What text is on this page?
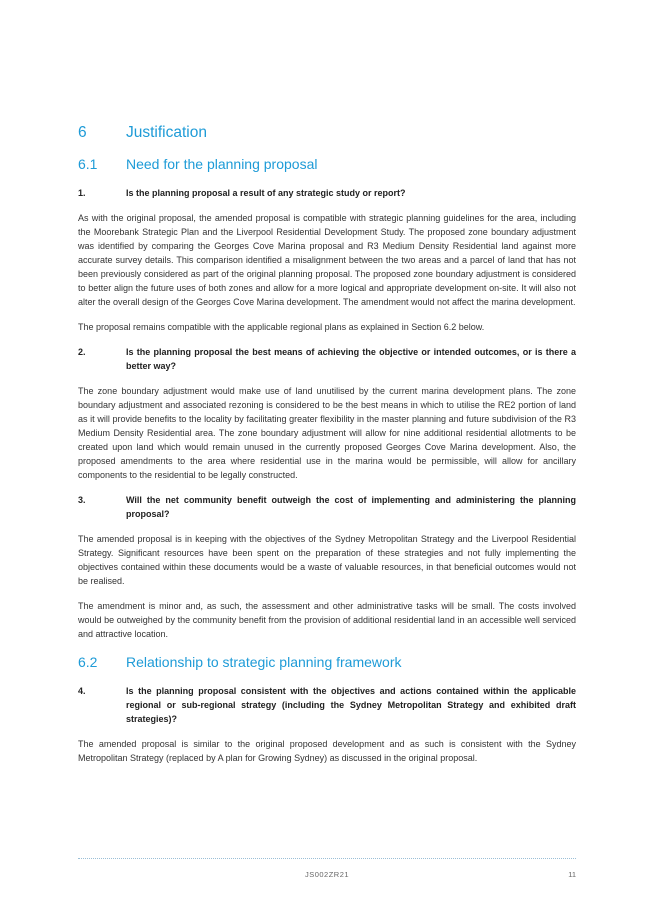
6	Justification
6.1	Need for the planning proposal
1.	Is the planning proposal a result of any strategic study or report?

As with the original proposal, the amended proposal is compatible with strategic planning guidelines for the area, including the Moorebank Strategic Plan and the Liverpool Residential Development Study. The proposed zone boundary adjustment was identified by comparing the Georges Cove Marina proposal and R3 Medium Density Residential land against more accurate survey details. This comparison identified a misalignment between the two areas and a parcel of land that has not been previously considered as part of the original planning proposal. The proposed zone boundary adjustment is considered to better align the future uses of both zones and allow for a more logical and appropriate development on-site. It will also not alter the overall design of the Georges Cove Marina development. The amendment would not affect the marina development.

The proposal remains compatible with the applicable regional plans as explained in Section 6.2 below.

2.	Is the planning proposal the best means of achieving the objective or intended outcomes, or is there a better way?

The zone boundary adjustment would make use of land unutilised by the current marina development plans. The zone boundary adjustment and associated rezoning is considered to be the best means in which to utilise the RE2 portion of land as it will provide benefits to the locality by facilitating greater flexibility in the master planning and future subdivision of the R3 Medium Density Residential area. The zone boundary adjustment will allow for nine additional residential allotments to be created upon land which would remain unused in the currently proposed Georges Cove Marina development. Also, the proposed amendments to the area where residential use in the marina would be permissible, will allow for ancillary components to the residential to be legally constructed.

3.	Will the net community benefit outweigh the cost of implementing and administering the planning proposal?

The amended proposal is in keeping with the objectives of the Sydney Metropolitan Strategy and the Liverpool Residential Strategy. Significant resources have been spent on the preparation of these strategies and not fully implementing the objectives contained within these documents would be a waste of valuable resources, in that beneficial outcomes would not be realised.

The amendment is minor and, as such, the assessment and other administrative tasks will be small. The costs involved would be outweighed by the community benefit from the provision of additional residential land in an accessible well serviced and attractive location.

6.2	Relationship to strategic planning framework
4.	Is the planning proposal consistent with the objectives and actions contained within the applicable regional or sub-regional strategy (including the Sydney Metropolitan Strategy and exhibited draft strategies)?

The amended proposal is similar to the original proposed development and as such is consistent with the Sydney Metropolitan Strategy (replaced by A plan for Growing Sydney) as discussed in the original proposal.

JS002ZR21	11
